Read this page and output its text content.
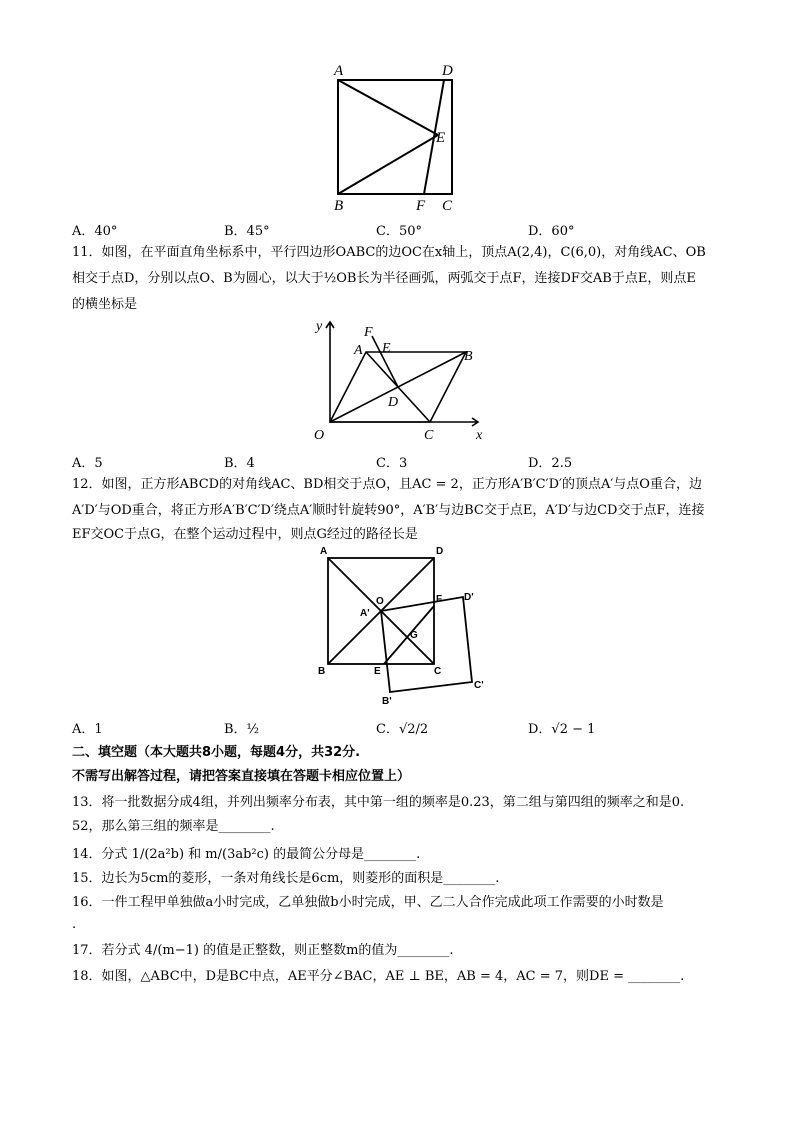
A	D
E
B	F C
A．40°	B．45°	C．50°	D．60°
11．如图，在平面直角坐标系中，平行四边形OABC的边OC在x轴上，顶点A(2,4)，C(6,0)，对角线AC、OB
相交于点D，分别以点O、B为圆心，以大于½OB长为半径画弧，两弧交于点F，连接DF交AB于点E，则点E
的横坐标是
y	F
A E
B
D
O	C	x
A．5	B．4	C．3	D．2.5
12．如图，正方形ABCD的对角线AC、BD相交于点O，且AC = 2，正方形A′B′C′D′的顶点A′与点O重合，边
A′D′与OD重合，将正方形A′B′C′D′绕点A′顺时针旋转90°，A′B′与边BC交于点E，A′D′与边CD交于点F，连接
EF交OC于点G，在整个运动过程中，则点G经过的路径长是
A	D
O
A'
F D'
G
B	E	C
B'
C'
A．1	B．½	C．√2/2	D．√2 − 1
二、填空题（本大题共8小题，每题4分，共32分.
不需写出解答过程，请把答案直接填在答题卡相应位置上）
13．将一批数据分成4组，并列出频率分布表，其中第一组的频率是0.23，第二组与第四组的频率之和是0.
52，那么第三组的频率是________.
14．分式 1/(2a²b) 和 m/(3ab²c) 的最简公分母是________.
15．边长为5cm的菱形，一条对角线长是6cm，则菱形的面积是________.
16．一件工程甲单独做a小时完成，乙单独做b小时完成，甲、乙二人合作完成此项工作需要的小时数是
.
17．若分式 4/(m−1) 的值是正整数，则正整数m的值为________.
18．如图，△ABC中，D是BC中点，AE平分∠BAC，AE ⊥ BE，AB = 4，AC = 7，则DE = ________.
